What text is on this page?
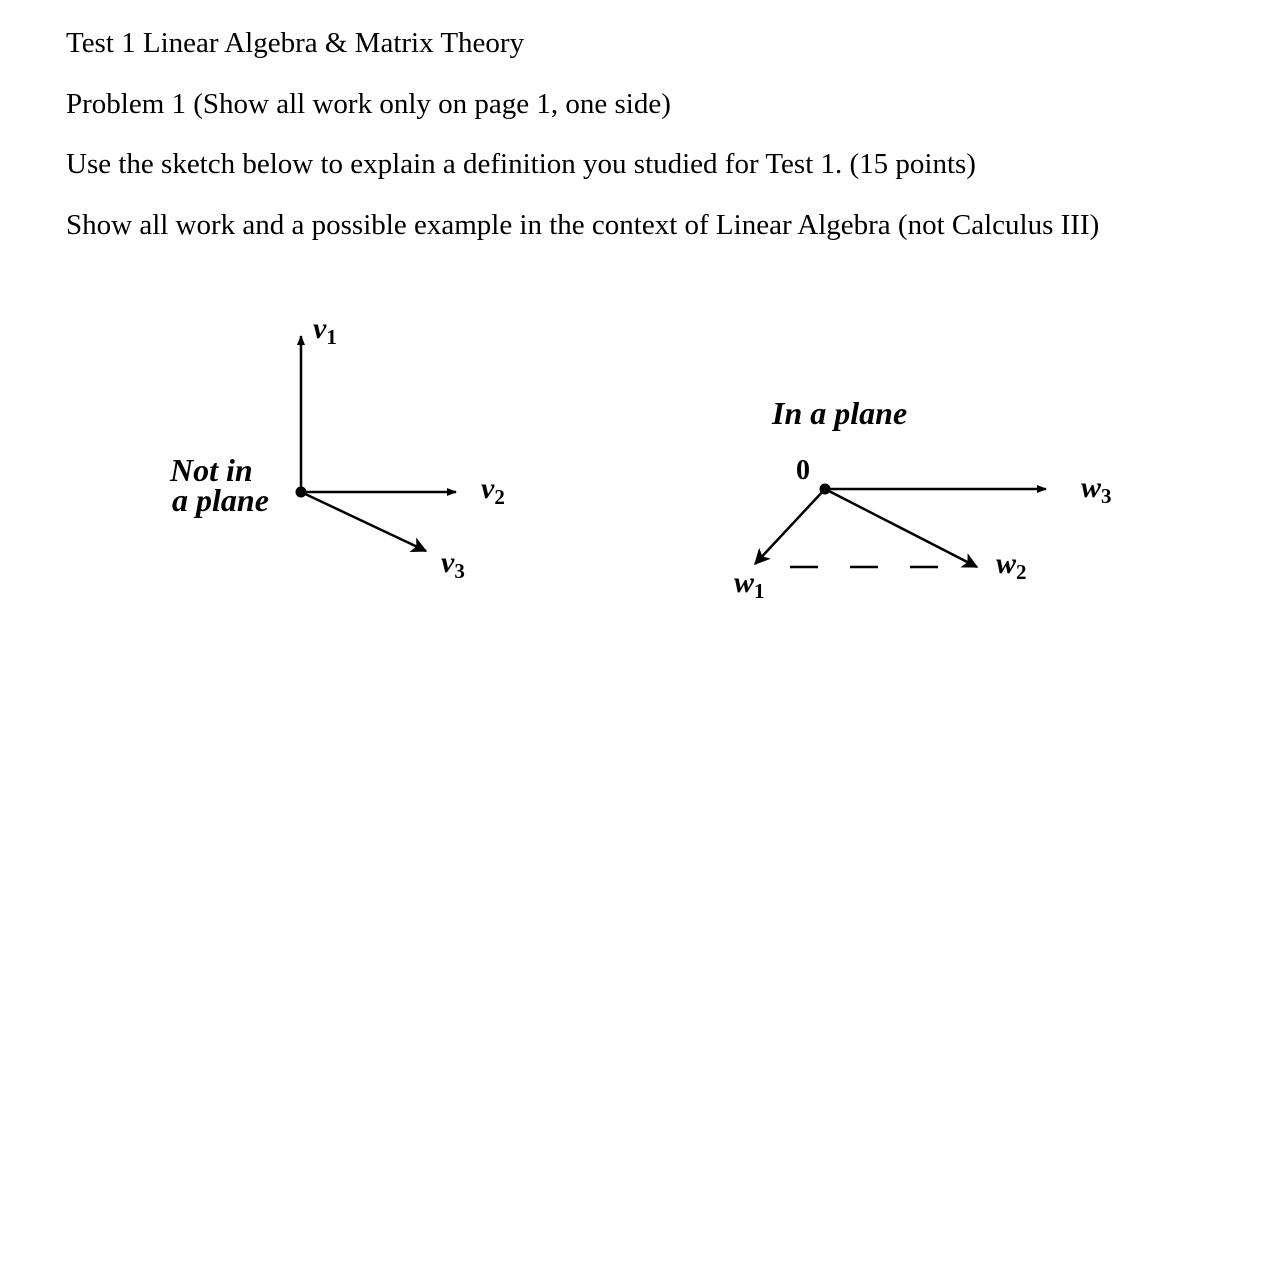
Test 1 Linear Algebra & Matrix Theory

Problem 1 (Show all work only on page 1, one side)

Use the sketch below to explain a definition you studied for Test 1. (15 points)

Show all work and a possible example in the context of Linear Algebra (not Calculus III)

Not in
a plane
v1
v2
v3
In a plane
0
w1
w2
w3
